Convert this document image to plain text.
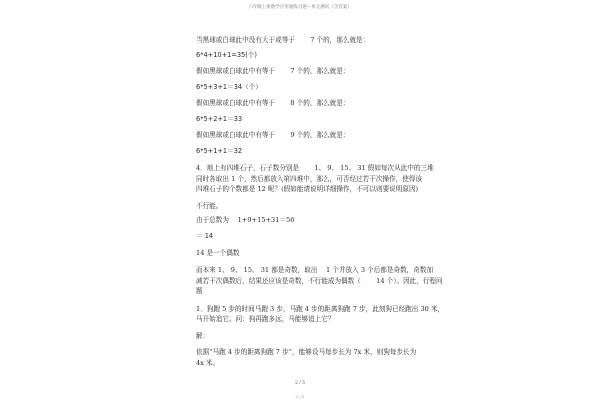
六年级上册数学应用题练习题—单元测试（含答案）
当黑球或白球此中没有大于或等于　　 7 个的，那么就是：
6*4+10+1=35(个)
假如黑球或白球此中有等于　　 7 个的，那么就是：
6*5+3+1＝34（个）
假如黑球或白球此中有等于　　 8 个的，那么就是：
6*5+2+1＝33
假如黑球或白球此中有等于　　 9 个的，那么就是：
6*5+1+1＝32
4．地上有四堆石子，石子数分别是　　 1、 9、 15、 31 假如每次从此中的三堆
同时各取出 1 个，然后都放入第四堆中，那么，可否经过若干次操作，使得该
四堆石子的个数都是 12 呢？(假如能请说明详细操作，不可以则要说明原因)
不行能。
由于总数为　 1+9+15+31＝56
＝ 14
14 是一个偶数
而本来 1、 9、 15、 31 都是奇数，取出　 1 个并放入 3 个后都是奇数，奇数加
减若干次偶数后，结果还应该是奇数，不行能成为偶数（　　 14 个）。因此，行程问
题
1．狗跑 5 步的时间马跑 3 步，马跑 4 步的距离狗跑 7 步，此刻狗已经跑出 30 米，
马开始追它。问：狗再跑多远，马能够追上它？
解：
依据“马跑 4 步的距离狗跑 7 步”，能够设马每步长为 7x 米，则狗每步长为
4x 米。
2 / 5
2 / 5
